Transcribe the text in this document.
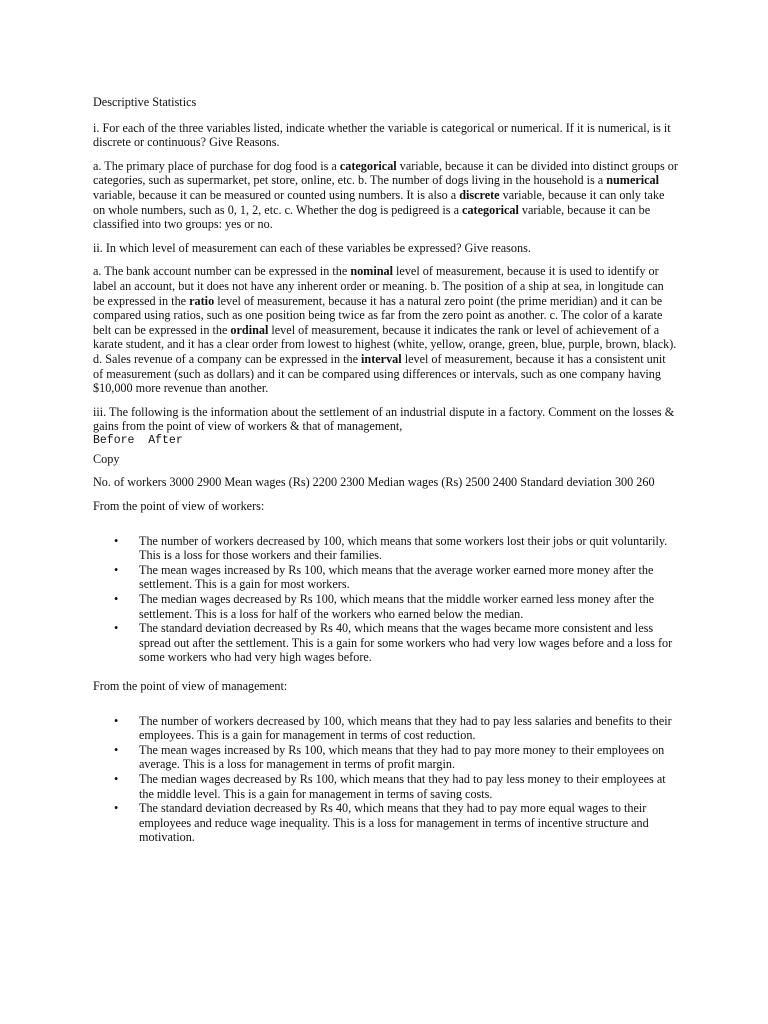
Descriptive Statistics

i. For each of the three variables listed, indicate whether the variable is categorical or numerical. If it is numerical, is it discrete or continuous? Give Reasons.

a. The primary place of purchase for dog food is a categorical variable, because it can be divided into distinct groups or categories, such as supermarket, pet store, online, etc. b. The number of dogs living in the household is a numerical variable, because it can be measured or counted using numbers. It is also a discrete variable, because it can only take on whole numbers, such as 0, 1, 2, etc. c. Whether the dog is pedigreed is a categorical variable, because it can be classified into two groups: yes or no.

ii. In which level of measurement can each of these variables be expressed? Give reasons.

a. The bank account number can be expressed in the nominal level of measurement, because it is used to identify or label an account, but it does not have any inherent order or meaning. b. The position of a ship at sea, in longitude can be expressed in the ratio level of measurement, because it has a natural zero point (the prime meridian) and it can be compared using ratios, such as one position being twice as far from the zero point as another. c. The color of a karate belt can be expressed in the ordinal level of measurement, because it indicates the rank or level of achievement of a karate student, and it has a clear order from lowest to highest (white, yellow, orange, green, blue, purple, brown, black). d. Sales revenue of a company can be expressed in the interval level of measurement, because it has a consistent unit of measurement (such as dollars) and it can be compared using differences or intervals, such as one company having $10,000 more revenue than another.

iii. The following is the information about the settlement of an industrial dispute in a factory. Comment on the losses & gains from the point of view of workers & that of management,

Before  After

Copy

No. of workers 3000 2900 Mean wages (Rs) 2200 2300 Median wages (Rs) 2500 2400 Standard deviation 300 260

From the point of view of workers:

• The number of workers decreased by 100, which means that some workers lost their jobs or quit voluntarily. This is a loss for those workers and their families.
• The mean wages increased by Rs 100, which means that the average worker earned more money after the settlement. This is a gain for most workers.
• The median wages decreased by Rs 100, which means that the middle worker earned less money after the settlement. This is a loss for half of the workers who earned below the median.
• The standard deviation decreased by Rs 40, which means that the wages became more consistent and less spread out after the settlement. This is a gain for some workers who had very low wages before and a loss for some workers who had very high wages before.

From the point of view of management:

• The number of workers decreased by 100, which means that they had to pay less salaries and benefits to their employees. This is a gain for management in terms of cost reduction.
• The mean wages increased by Rs 100, which means that they had to pay more money to their employees on average. This is a loss for management in terms of profit margin.
• The median wages decreased by Rs 100, which means that they had to pay less money to their employees at the middle level. This is a gain for management in terms of saving costs.
• The standard deviation decreased by Rs 40, which means that they had to pay more equal wages to their employees and reduce wage inequality. This is a loss for management in terms of incentive structure and motivation.
